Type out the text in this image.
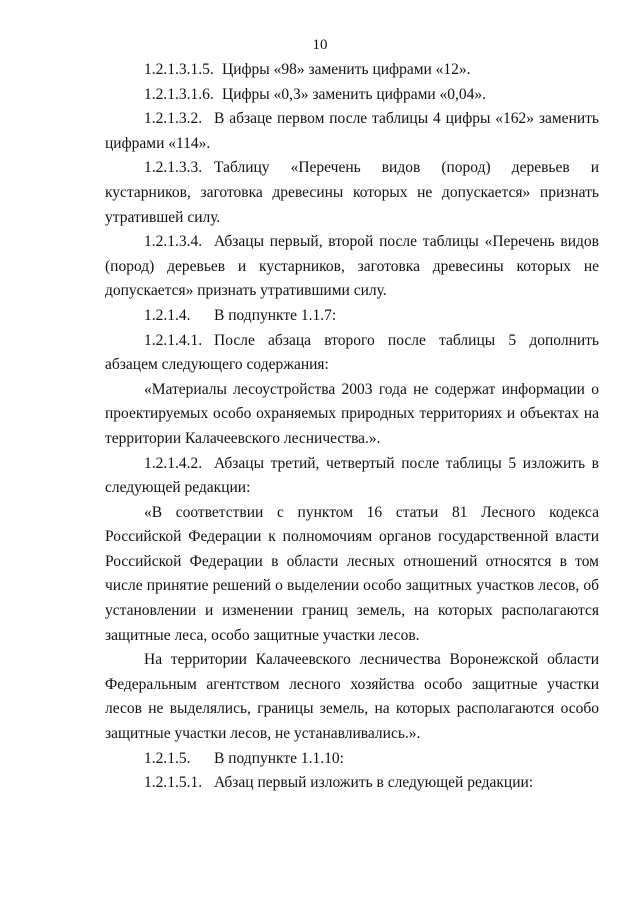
10

1.2.1.3.1.5. Цифры «98» заменить цифрами «12».

1.2.1.3.1.6. Цифры «0,3» заменить цифрами «0,04».

1.2.1.3.2. В абзаце первом после таблицы 4 цифры «162» заменить цифрами «114».

1.2.1.3.3. Таблицу «Перечень видов (пород) деревьев и кустарников, заготовка древесины которых не допускается» признать утратившей силу.

1.2.1.3.4. Абзацы первый, второй после таблицы «Перечень видов (пород) деревьев и кустарников, заготовка древесины которых не допускается» признать утратившими силу.

1.2.1.4. В подпункте 1.1.7:

1.2.1.4.1. После абзаца второго после таблицы 5 дополнить абзацем следующего содержания:

«Материалы лесоустройства 2003 года не содержат информации о проектируемых особо охраняемых природных территориях и объектах на территории Калачеевского лесничества.».

1.2.1.4.2. Абзацы третий, четвертый после таблицы 5 изложить в следующей редакции:

«В соответствии с пунктом 16 статьи 81 Лесного кодекса Российской Федерации к полномочиям органов государственной власти Российской Федерации в области лесных отношений относятся в том числе принятие решений о выделении особо защитных участков лесов, об установлении и изменении границ земель, на которых располагаются защитные леса, особо защитные участки лесов.

На территории Калачеевского лесничества Воронежской области Федеральным агентством лесного хозяйства особо защитные участки лесов не выделялись, границы земель, на которых располагаются особо защитные участки лесов, не устанавливались.».

1.2.1.5. В подпункте 1.1.10:

1.2.1.5.1. Абзац первый изложить в следующей редакции:
